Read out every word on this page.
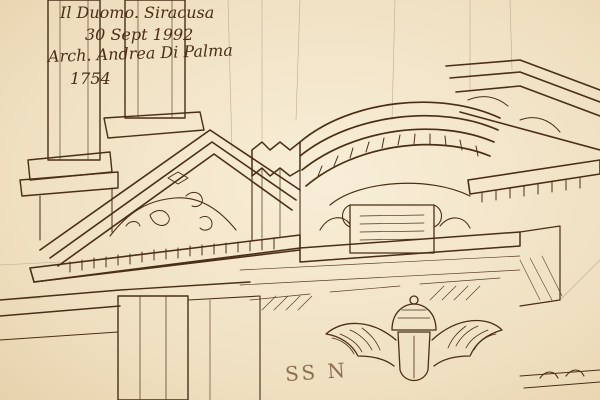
Il Duomo. Siracusa
30 Sept 1992
Arch. Andrea Di Palma
1754
SS N
